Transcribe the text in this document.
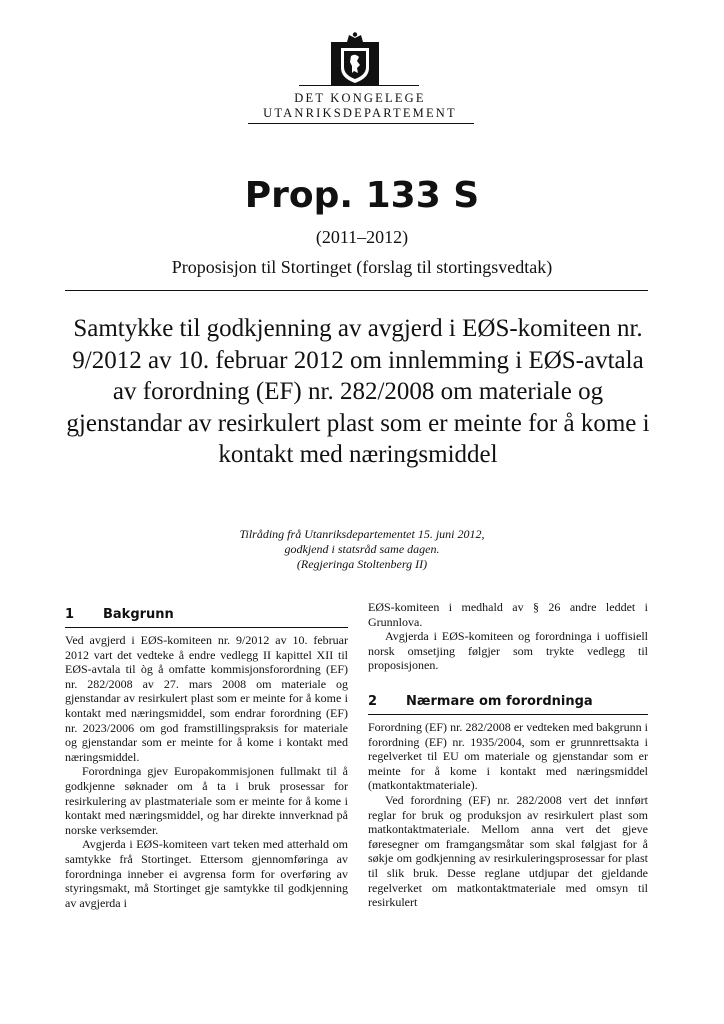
DET KONGELEGE
UTANRIKSDEPARTEMENT
Prop. 133 S
(2011–2012)
Proposisjon til Stortinget (forslag til stortingsvedtak)
Samtykke til godkjenning av avgjerd i EØS-komiteen nr. 9/2012 av 10. februar 2012 om innlemming i EØS-avtala av forordning (EF) nr. 282/2008 om materiale og gjenstandar av resirkulert plast som er meinte for å kome i kontakt med næringsmiddel
Tilråding frå Utanriksdepartementet 15. juni 2012,
godkjend i statsråd same dagen.
(Regjeringa Stoltenberg II)
1	Bakgrunn

Ved avgjerd i EØS-komiteen nr. 9/2012 av 10. februar 2012 vart det vedteke å endre vedlegg II kapittel XII til EØS-avtala til òg å omfatte kommisjonsforordning (EF) nr. 282/2008 av 27. mars 2008 om materiale og gjenstandar av resirkulert plast som er meinte for å kome i kontakt med næringsmiddel, som endrar forordning (EF) nr. 2023/2006 om god framstillingspraksis for materiale og gjenstandar som er meinte for å kome i kontakt med næringsmiddel.

Forordninga gjev Europakommisjonen fullmakt til å godkjenne søknader om å ta i bruk prosessar for resirkulering av plastmateriale som er meinte for å kome i kontakt med næringsmiddel, og har direkte innverknad på norske verksemder.

Avgjerda i EØS-komiteen vart teken med atterhald om samtykke frå Stortinget. Ettersom gjennomføringa av forordninga inneber ei avgrensa form for overføring av styringsmakt, må Stortinget gje samtykke til godkjenning av avgjerda i

EØS-komiteen i medhald av § 26 andre leddet i Grunnlova.

Avgjerda i EØS-komiteen og forordninga i uoffisiell norsk omsetjing følgjer som trykte vedlegg til proposisjonen.

2	Nærmare om forordninga

Forordning (EF) nr. 282/2008 er vedteken med bakgrunn i forordning (EF) nr. 1935/2004, som er grunnrettsakta i regelverket til EU om materiale og gjenstandar som er meinte for å kome i kontakt med næringsmiddel (matkontaktmateriale).

Ved forordning (EF) nr. 282/2008 vert det innført reglar for bruk og produksjon av resirkulert plast som matkontaktmateriale. Mellom anna vert det gjeve føresegner om framgangsmåtar som skal følgjast for å søkje om godkjenning av resirkuleringsprosessar for plast til slik bruk. Desse reglane utdjupar det gjeldande regelverket om matkontaktmateriale med omsyn til resirkulert
